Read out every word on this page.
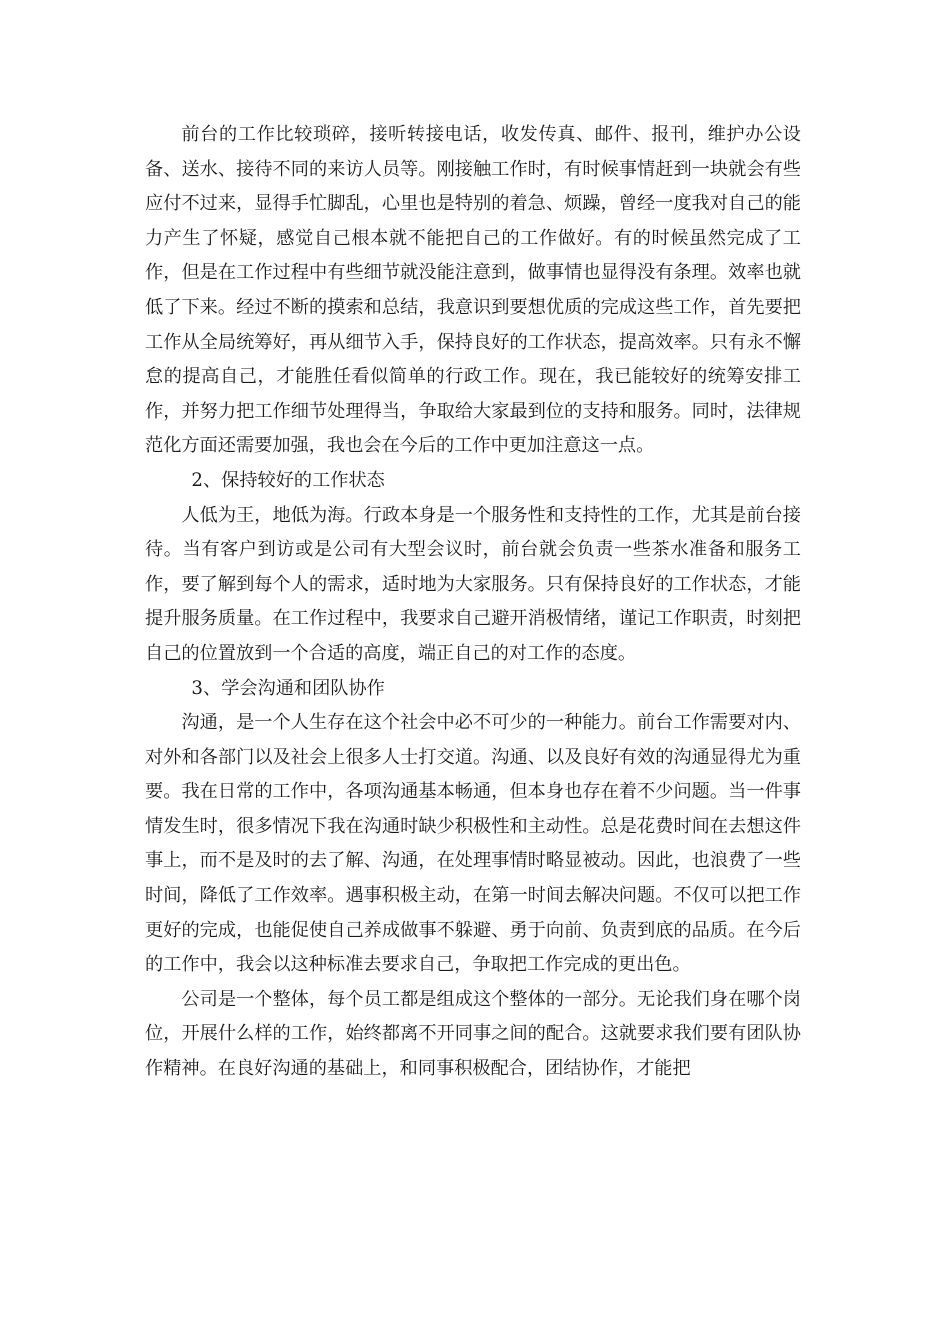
前台的工作比较琐碎，接听转接电话，收发传真、邮件、报刊，维护办公设备、送水、接待不同的来访人员等。刚接触工作时，有时候事情赶到一块就会有些应付不过来，显得手忙脚乱，心里也是特别的着急、烦躁，曾经一度我对自己的能力产生了怀疑，感觉自己根本就不能把自己的工作做好。有的时候虽然完成了工作，但是在工作过程中有些细节就没能注意到，做事情也显得没有条理。效率也就低了下来。经过不断的摸索和总结，我意识到要想优质的完成这些工作，首先要把工作从全局统筹好，再从细节入手，保持良好的工作状态，提高效率。只有永不懈怠的提高自己，才能胜任看似简单的行政工作。现在，我已能较好的统筹安排工作，并努力把工作细节处理得当，争取给大家最到位的支持和服务。同时，法律规范化方面还需要加强，我也会在今后的工作中更加注意这一点。

2、保持较好的工作状态

人低为王，地低为海。行政本身是一个服务性和支持性的工作，尤其是前台接待。当有客户到访或是公司有大型会议时，前台就会负责一些茶水准备和服务工作，要了解到每个人的需求，适时地为大家服务。只有保持良好的工作状态，才能提升服务质量。在工作过程中，我要求自己避开消极情绪，谨记工作职责，时刻把自己的位置放到一个合适的高度，端正自己的对工作的态度。

3、学会沟通和团队协作

沟通，是一个人生存在这个社会中必不可少的一种能力。前台工作需要对内、对外和各部门以及社会上很多人士打交道。沟通、以及良好有效的沟通显得尤为重要。我在日常的工作中，各项沟通基本畅通，但本身也存在着不少问题。当一件事情发生时，很多情况下我在沟通时缺少积极性和主动性。总是花费时间在去想这件事上，而不是及时的去了解、沟通，在处理事情时略显被动。因此，也浪费了一些时间，降低了工作效率。遇事积极主动，在第一时间去解决问题。不仅可以把工作更好的完成，也能促使自己养成做事不躲避、勇于向前、负责到底的品质。在今后的工作中，我会以这种标准去要求自己，争取把工作完成的更出色。

公司是一个整体，每个员工都是组成这个整体的一部分。无论我们身在哪个岗位，开展什么样的工作，始终都离不开同事之间的配合。这就要求我们要有团队协作精神。在良好沟通的基础上，和同事积极配合，团结协作，才能把
